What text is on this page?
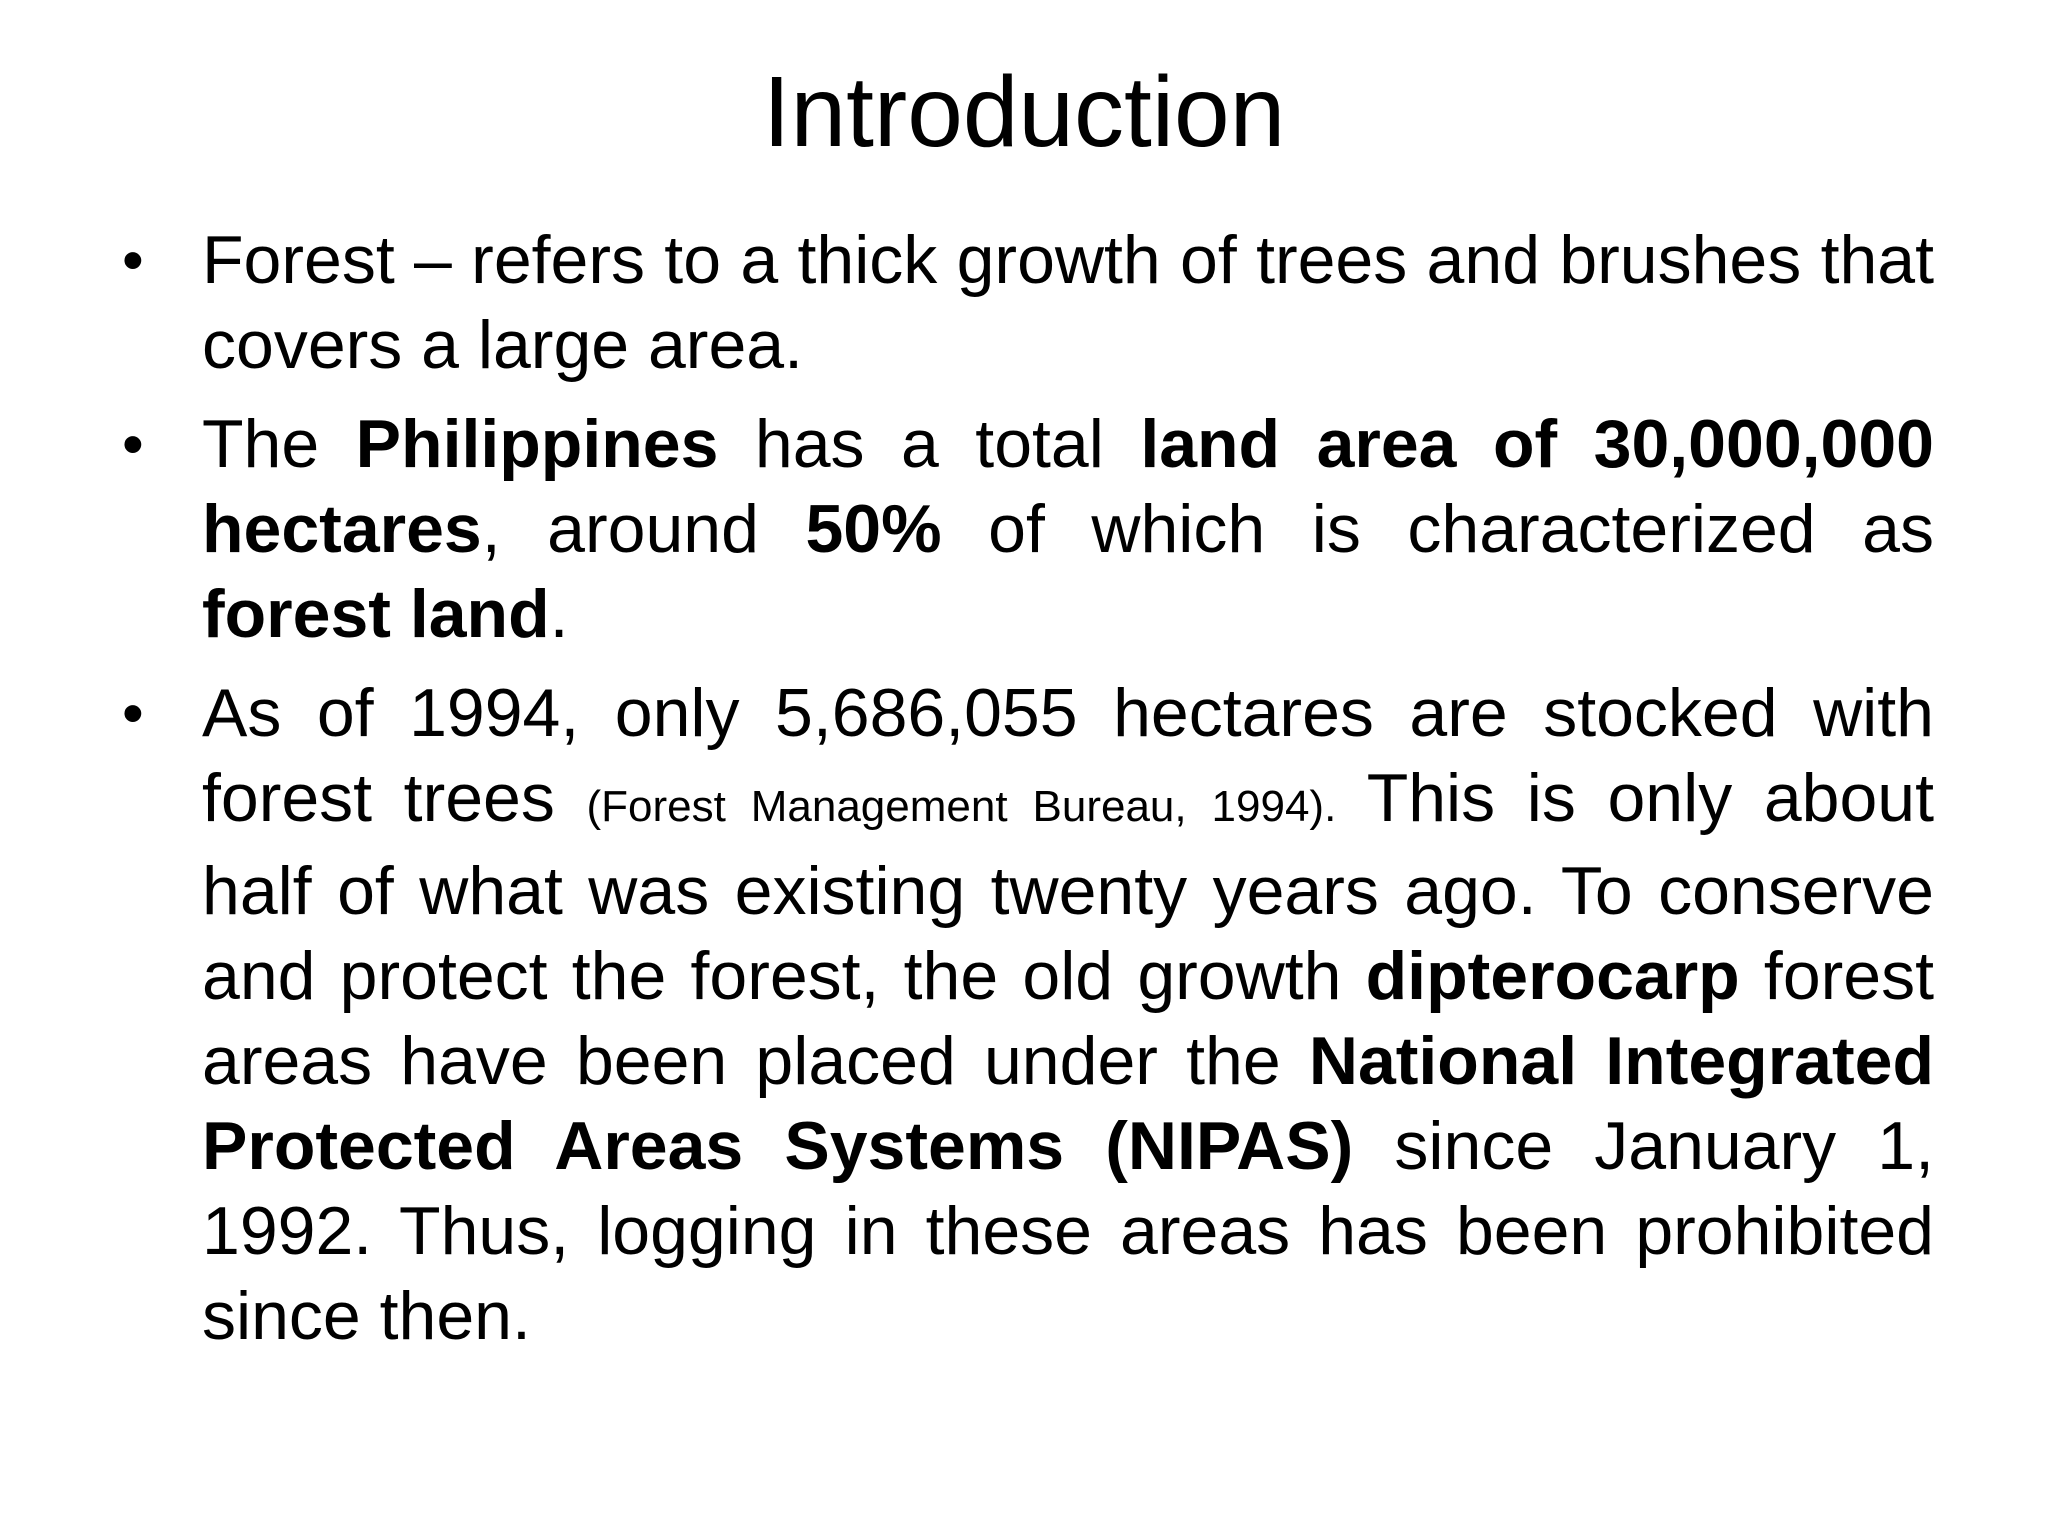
Introduction
• Forest – refers to a thick growth of trees and brushes that covers a large area.
• The Philippines has a total land area of 30,000,000 hectares, around 50% of which is characterized as forest land.
• As of 1994, only 5,686,055 hectares are stocked with forest trees (Forest Management Bureau, 1994). This is only about half of what was existing twenty years ago. To conserve and protect the forest, the old growth dipterocarp forest areas have been placed under the National Integrated Protected Areas Systems (NIPAS) since January 1, 1992. Thus, logging in these areas has been prohibited since then.
